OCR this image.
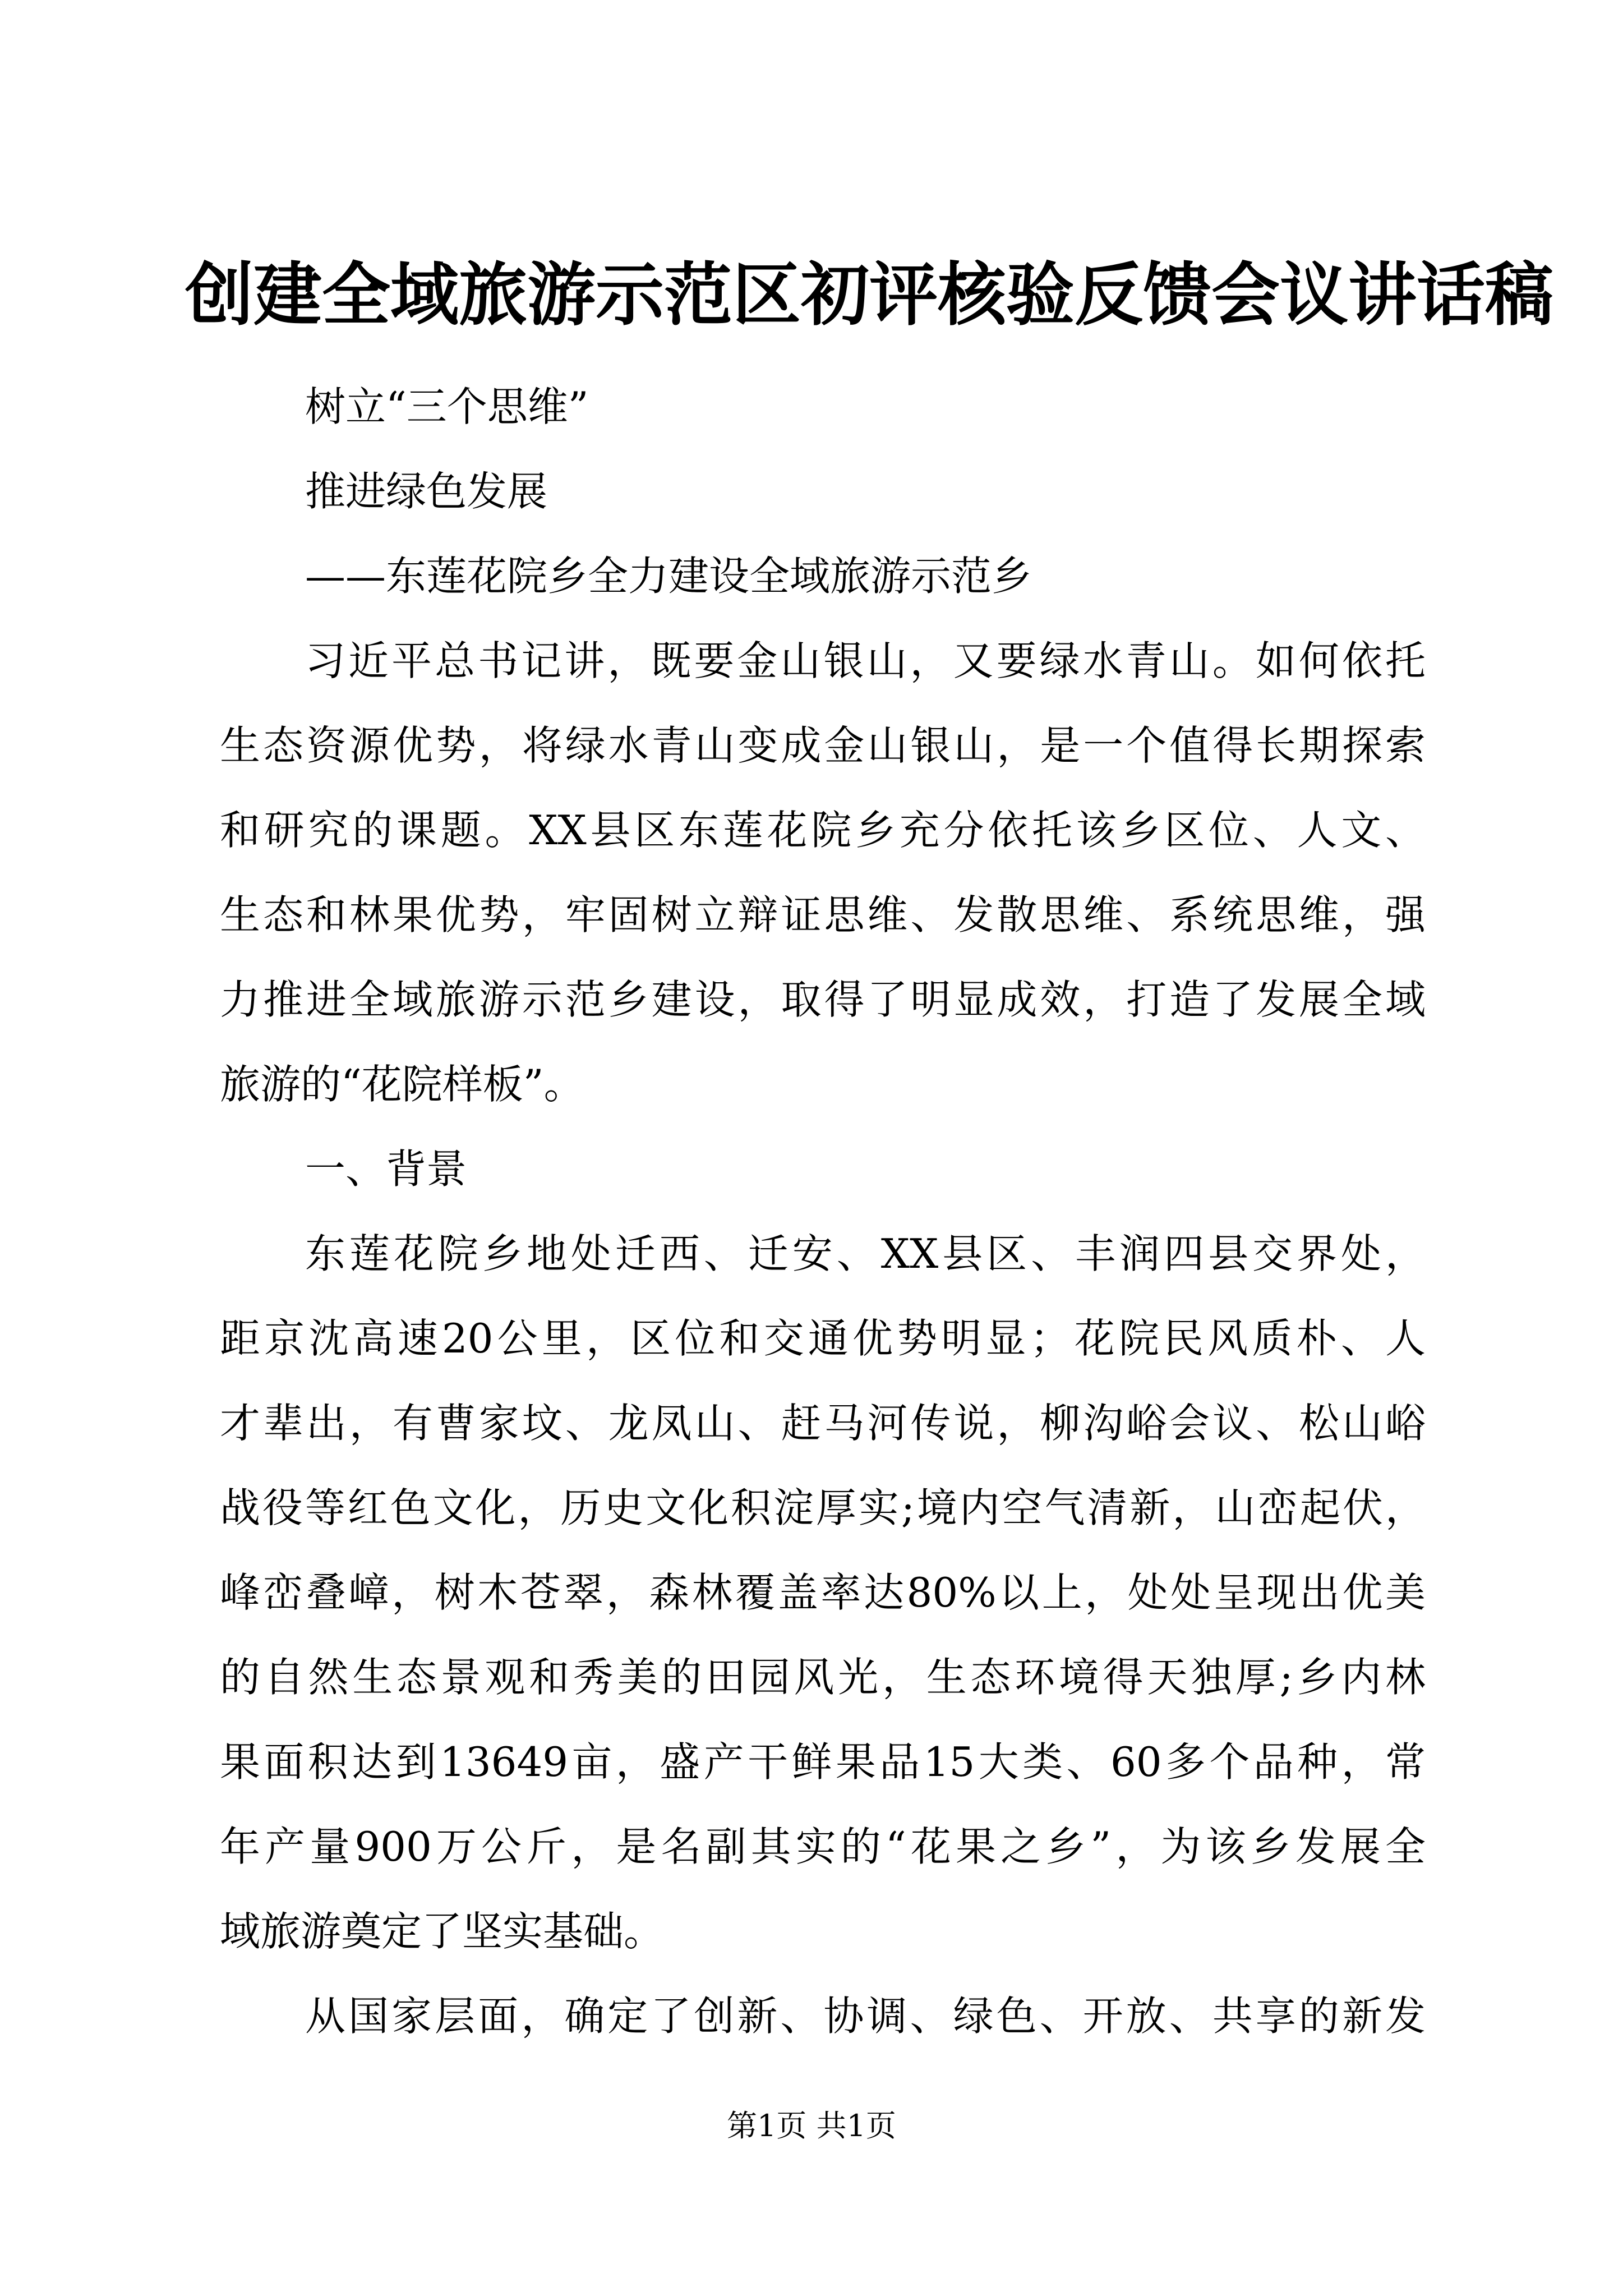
创建全域旅游示范区初评核验反馈会议讲话稿
树立“三个思维”
推进绿色发展
——东莲花院乡全力建设全域旅游示范乡
习近平总书记讲，既要金山银山，又要绿水青山。如何依托
生态资源优势，将绿水青山变成金山银山，是一个值得长期探索
和研究的课题。XX县区东莲花院乡充分依托该乡区位、人文、
生态和林果优势，牢固树立辩证思维、发散思维、系统思维，强
力推进全域旅游示范乡建设，取得了明显成效，打造了发展全域
旅游的“花院样板”。
一、背景
东莲花院乡地处迁西、迁安、XX县区、丰润四县交界处，
距京沈高速20公里，区位和交通优势明显；花院民风质朴、人
才辈出，有曹家坟、龙凤山、赶马河传说，柳沟峪会议、松山峪
战役等红色文化，历史文化积淀厚实;境内空气清新，山峦起伏，
峰峦叠嶂，树木苍翠，森林覆盖率达80%以上，处处呈现出优美
的自然生态景观和秀美的田园风光，生态环境得天独厚;乡内林
果面积达到13649亩，盛产干鲜果品15大类、60多个品种，常
年产量900万公斤，是名副其实的“花果之乡”，为该乡发展全
域旅游奠定了坚实基础。
从国家层面，确定了创新、协调、绿色、开放、共享的新发
第1页 共1页
